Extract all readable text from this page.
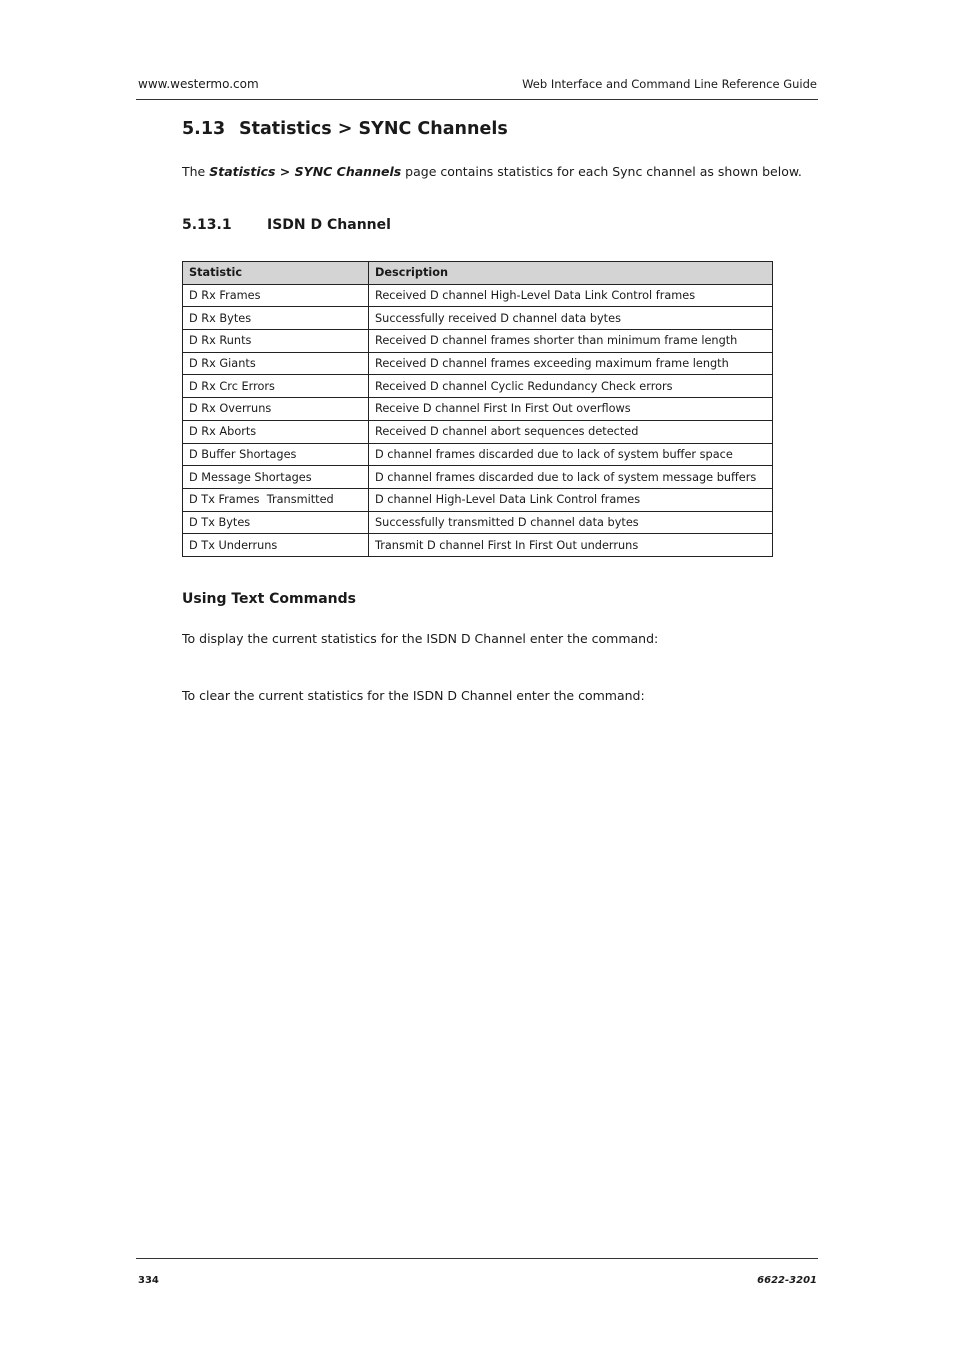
www.westermo.com	Web Interface and Command Line Reference Guide
5.13 Statistics > SYNC Channels
The Statistics > SYNC Channels page contains statistics for each Sync channel as shown below.
5.13.1	ISDN D Channel
Statistic	Description
D Rx Frames	Received D channel High-Level Data Link Control frames
D Rx Bytes	Successfully received D channel data bytes
D Rx Runts	Received D channel frames shorter than minimum frame length
D Rx Giants	Received D channel frames exceeding maximum frame length
D Rx Crc Errors	Received D channel Cyclic Redundancy Check errors
D Rx Overruns	Receive D channel First In First Out overflows
D Rx Aborts	Received D channel abort sequences detected
D Buffer Shortages	D channel frames discarded due to lack of system buffer space
D Message Shortages	D channel frames discarded due to lack of system message buffers
D Tx Frames  Transmitted	D channel High-Level Data Link Control frames
D Tx Bytes	Successfully transmitted D channel data bytes
D Tx Underruns	Transmit D channel First In First Out underruns
Using Text Commands
To display the current statistics for the ISDN D Channel enter the command:
To clear the current statistics for the ISDN D Channel enter the command:
334	6622-3201
